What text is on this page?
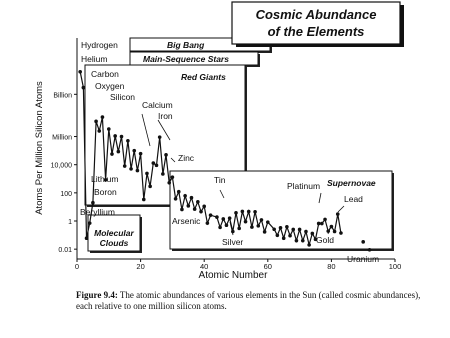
Big Bang
Main-Sequence Stars
Red Giants
Supernovae
Molecular
Clouds
0	20	40	60	80	100
Billion
Million
10,000
100
1
0.01
Atomic Number
Atoms Per Million Silicon Atoms
Hydrogen
Helium
Lithium
Boron
Beryllium
Carbon
Oxygen
Silicon
Calcium
Iron
Zinc
Arsenic
Tin
Silver
Platinum
Gold
Lead
Uranium
Cosmic Abundance
of the Elements
Figure 9.4: The atomic abundances of various elements in the Sun (called cosmic abundances), each relative to one million silicon atoms.
